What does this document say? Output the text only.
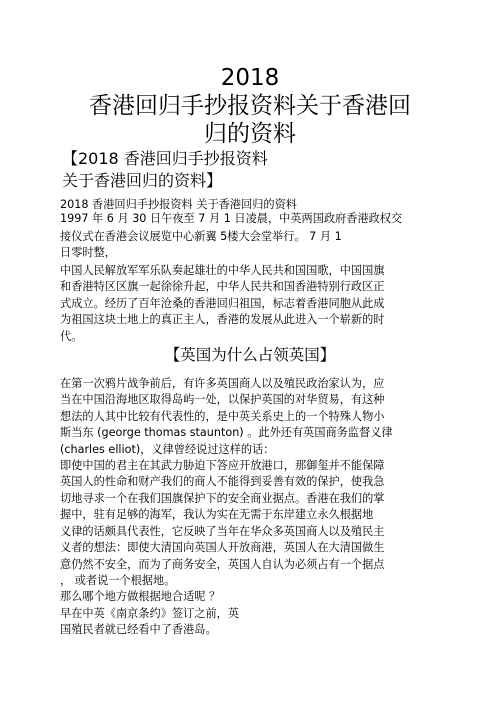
2018
香港回归手抄报资料关于香港回
归的资料
【2018 香港回归手抄报资料
关于香港回归的资料】
2018 香港回归手抄报资料 关于香港回归的资料
1997 年 6 月 30 日午夜至 7 月 1 日凌晨，中英两国政府香港政权交
接仪式在香港会议展览中心新翼 5楼大会堂举行。 7 月 1
日零时整，
中国人民解放军军乐队奏起雄壮的中华人民共和国国歌，中国国旗
和香港特区区旗一起徐徐升起，中华人民共和国香港特别行政区正
式成立。经历了百年沧桑的香港回归祖国，标志着香港同胞从此成
为祖国这块土地上的真正主人，香港的发展从此进入一个崭新的时
代。
【英国为什么占领英国】
在第一次鸦片战争前后，有许多英国商人以及殖民政治家认为，应
当在中国沿海地区取得岛屿一处，以保护英国的对华贸易，有这种
想法的人其中比较有代表性的，是中英关系史上的一个特殊人物小
斯当东 (george thomas staunton) 。此外还有英国商务监督义律
(charles elliot)，义律曾经说过这样的话：
即使中国的君主在其武力胁迫下答应开放港口，那御玺并不能保障
英国人的性命和财产我们的商人不能得到妥善有效的保护，使我急
切地寻求一个在我们国旗保护下的安全商业据点。香港在我们的掌
握中，驻有足够的海军，我认为实在无需于东岸建立永久根据地
义律的话颇具代表性，它反映了当年在华众多英国商人以及殖民主
义者的想法：即使大清国向英国人开放商港，英国人在大清国做生
意仍然不安全，而为了商务安全，英国人自认为必须占有一个据点
， 或者说一个根据地。
那么哪个地方做根据地合适呢 ？
早在中英《南京条约》签订之前，英
国殖民者就已经看中了香港岛。
